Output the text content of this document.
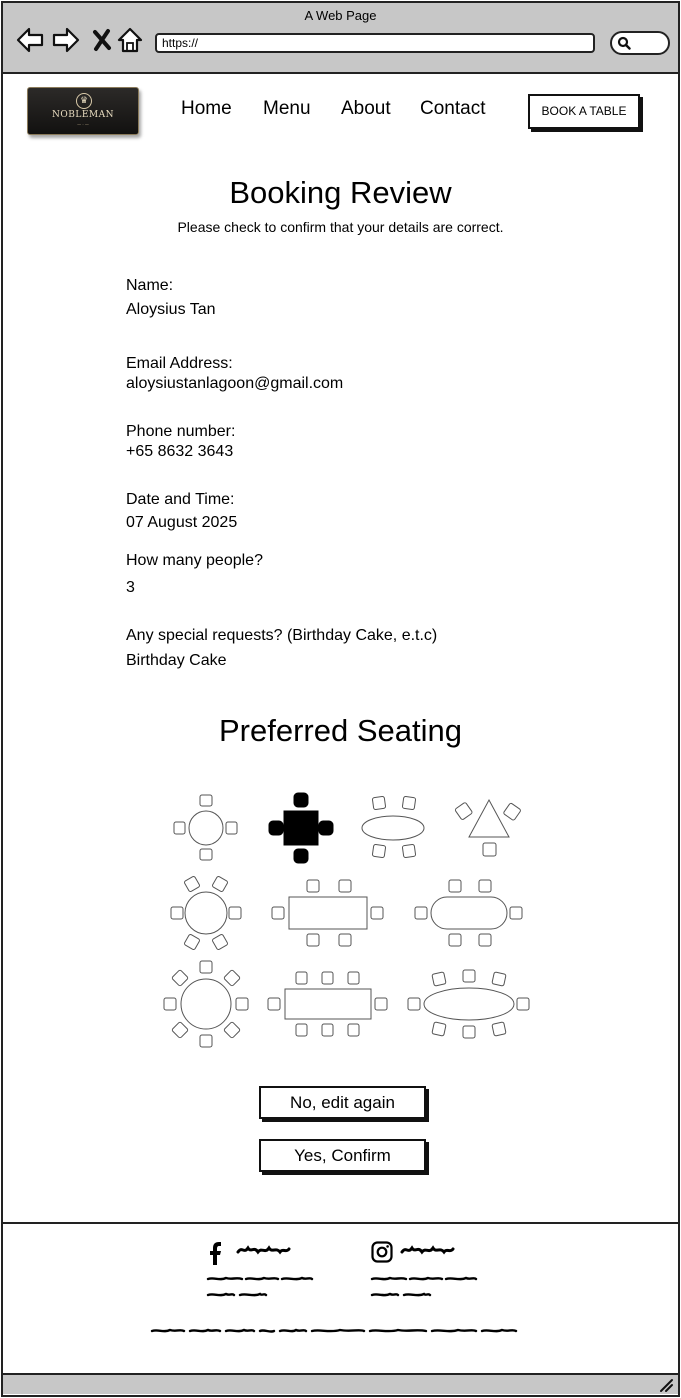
A Web Page
https://
♛
NOBLEMAN
— · —
Home Menu About Contact	BOOK A TABLE
Booking Review
Please check to confirm that your details are correct.
Name:
Aloysius Tan
Email Address:
aloysiustanlagoon@gmail.com
Phone number:
+65 8632 3643
Date and Time:
07 August 2025
How many people?
3
Any special requests? (Birthday Cake, e.t.c)
Birthday Cake
Preferred Seating
No, edit again
Yes, Confirm
